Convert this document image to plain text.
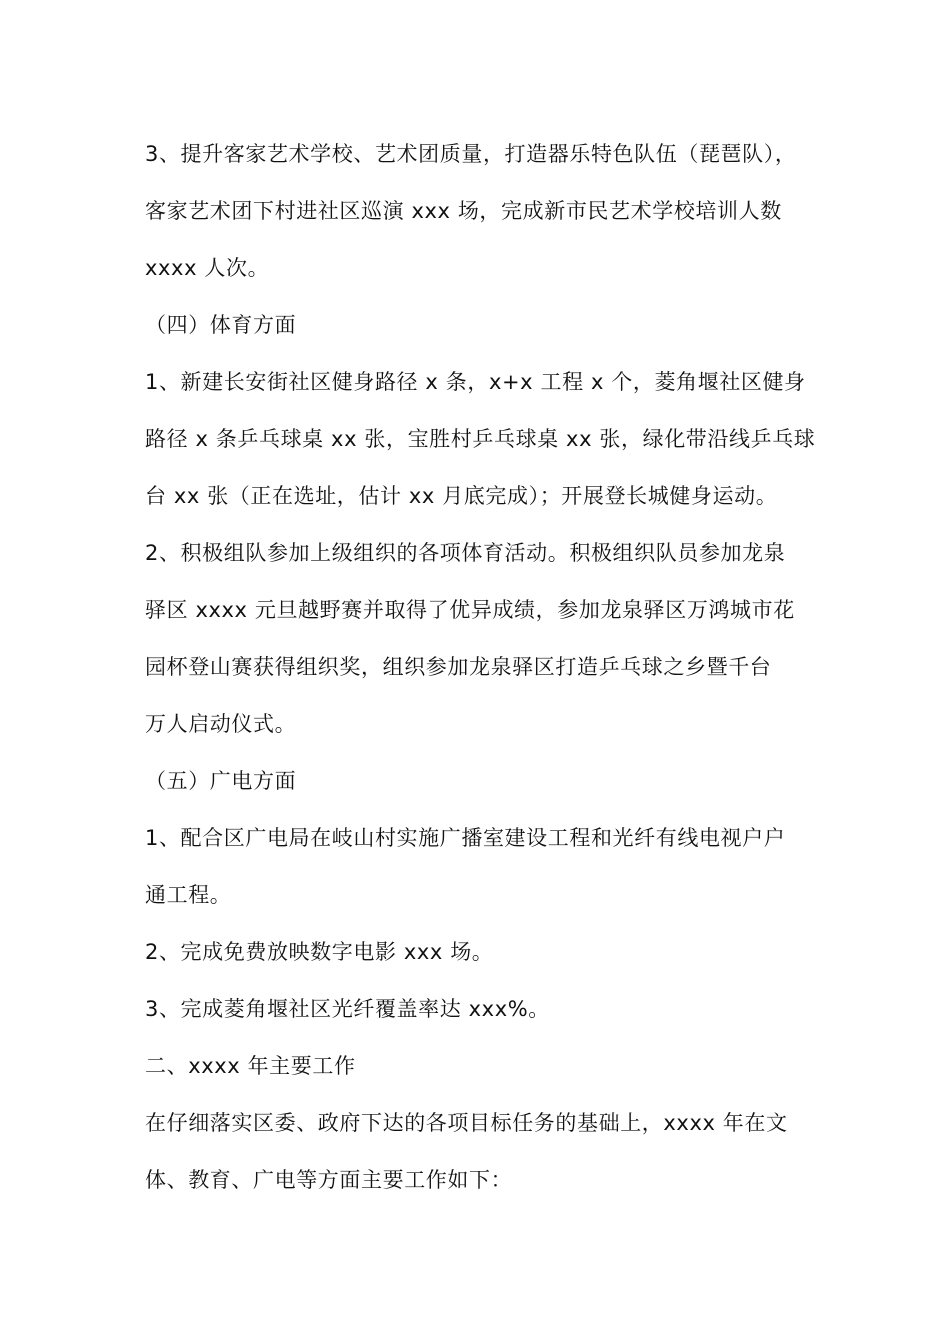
3、提升客家艺术学校、艺术团质量，打造器乐特色队伍（琵琶队），
客家艺术团下村进社区巡演 xxx 场，完成新市民艺术学校培训人数
xxxx 人次。
（四）体育方面
1、新建长安街社区健身路径 x 条，x+x 工程 x 个，菱角堰社区健身
路径 x 条乒乓球桌 xx 张，宝胜村乒乓球桌 xx 张，绿化带沿线乒乓球
台 xx 张（正在选址，估计 xx 月底完成）；开展登长城健身运动。
2、积极组队参加上级组织的各项体育活动。积极组织队员参加龙泉
驿区 xxxx 元旦越野赛并取得了优异成绩，参加龙泉驿区万鸿城市花
园杯登山赛获得组织奖，组织参加龙泉驿区打造乒乓球之乡暨千台
万人启动仪式。
（五）广电方面
1、配合区广电局在岐山村实施广播室建设工程和光纤有线电视户户
通工程。
2、完成免费放映数字电影 xxx 场。
3、完成菱角堰社区光纤覆盖率达 xxx%。
二、xxxx 年主要工作
在仔细落实区委、政府下达的各项目标任务的基础上，xxxx 年在文
体、教育、广电等方面主要工作如下：
